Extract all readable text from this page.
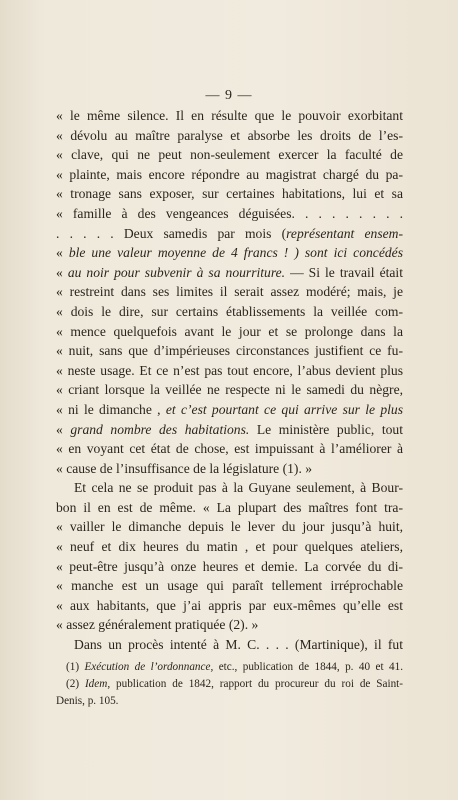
— 9 —
« le même silence. Il en résulte que le pouvoir exorbitant
« dévolu au maître paralyse et absorbe les droits de l’es-
« clave, qui ne peut non-seulement exercer la faculté de
« plainte, mais encore répondre au magistrat chargé du pa-
« tronage sans exposer, sur certaines habitations, lui et sa
« famille à des vengeances déguisées. . . . . . . . .
. . . . . Deux samedis par mois (représentant ensem-
« ble une valeur moyenne de 4 francs ! ) sont ici concédés
« au noir pour subvenir à sa nourriture. — Si le travail était
« restreint dans ses limites il serait assez modéré; mais, je
« dois le dire, sur certains établissements la veillée com-
« mence quelquefois avant le jour et se prolonge dans la
« nuit, sans que d’impérieuses circonstances justifient ce fu-
« neste usage. Et ce n’est pas tout encore, l’abus devient plus
« criant lorsque la veillée ne respecte ni le samedi du nègre,
« ni le dimanche , et c’est pourtant ce qui arrive sur le plus
« grand nombre des habitations. Le ministère public, tout
« en voyant cet état de chose, est impuissant à l’améliorer à
« cause de l’insuffisance de la législature (1). »
Et cela ne se produit pas à la Guyane seulement, à Bour-
bon il en est de même. « La plupart des maîtres font tra-
« vailler le dimanche depuis le lever du jour jusqu’à huit,
« neuf et dix heures du matin , et pour quelques ateliers,
« peut-être jusqu’à onze heures et demie. La corvée du di-
« manche est un usage qui paraît tellement irréprochable
« aux habitants, que j’ai appris par eux-mêmes qu’elle est
« assez généralement pratiquée (2). »
Dans un procès intenté à M. C. . . . (Martinique), il fut
(1) Exécution de l’ordonnance, etc., publication de 1844, p. 40 et 41.
(2) Idem, publication de 1842, rapport du procureur du roi de Saint-
Denis, p. 105.
